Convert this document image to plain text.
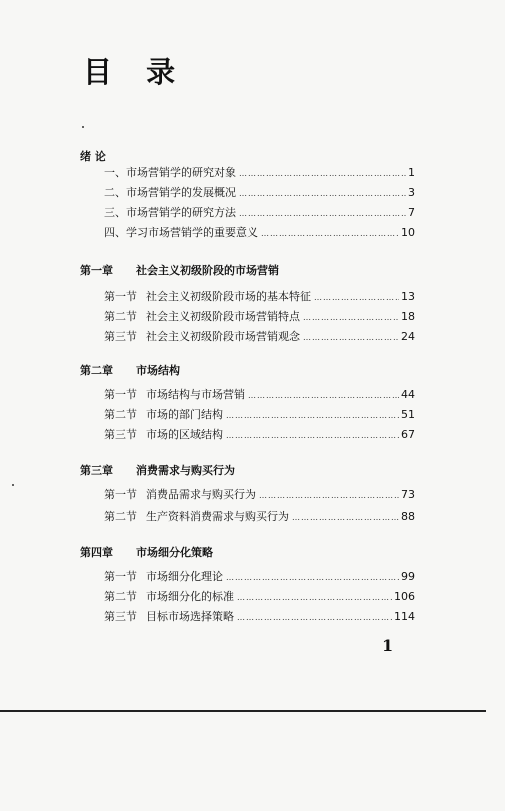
目 录
绪 论
一、市场营销学的研究对象 …………………………………………………………………………………………………………………………	1
二、市场营销学的发展概况 …………………………………………………………………………………………………………………………	3
三、市场营销学的研究方法 …………………………………………………………………………………………………………………………	7
四、学习市场营销学的重要意义 …………………………………………………………………………………………………………………………	10
第一章 社会主义初级阶段的市场营销
第一节 社会主义初级阶段市场的基本特征 …………………………………………………………………………………………………………………………	13
第二节 社会主义初级阶段市场营销特点 …………………………………………………………………………………………………………………………	18
第三节 社会主义初级阶段市场营销观念 …………………………………………………………………………………………………………………………	24
第二章 市场结构
第一节 市场结构与市场营销 …………………………………………………………………………………………………………………………	44
第二节 市场的部门结构 …………………………………………………………………………………………………………………………	51
第三节 市场的区域结构 …………………………………………………………………………………………………………………………	67
第三章 消费需求与购买行为
第一节 消费品需求与购买行为 …………………………………………………………………………………………………………………………	73
第二节 生产资料消费需求与购买行为 …………………………………………………………………………………………………………………………	88
第四章 市场细分化策略
第一节 市场细分化理论 …………………………………………………………………………………………………………………………	99
第二节 市场细分化的标准 …………………………………………………………………………………………………………………………	106
第三节 目标市场选择策略 …………………………………………………………………………………………………………………………	114
1
